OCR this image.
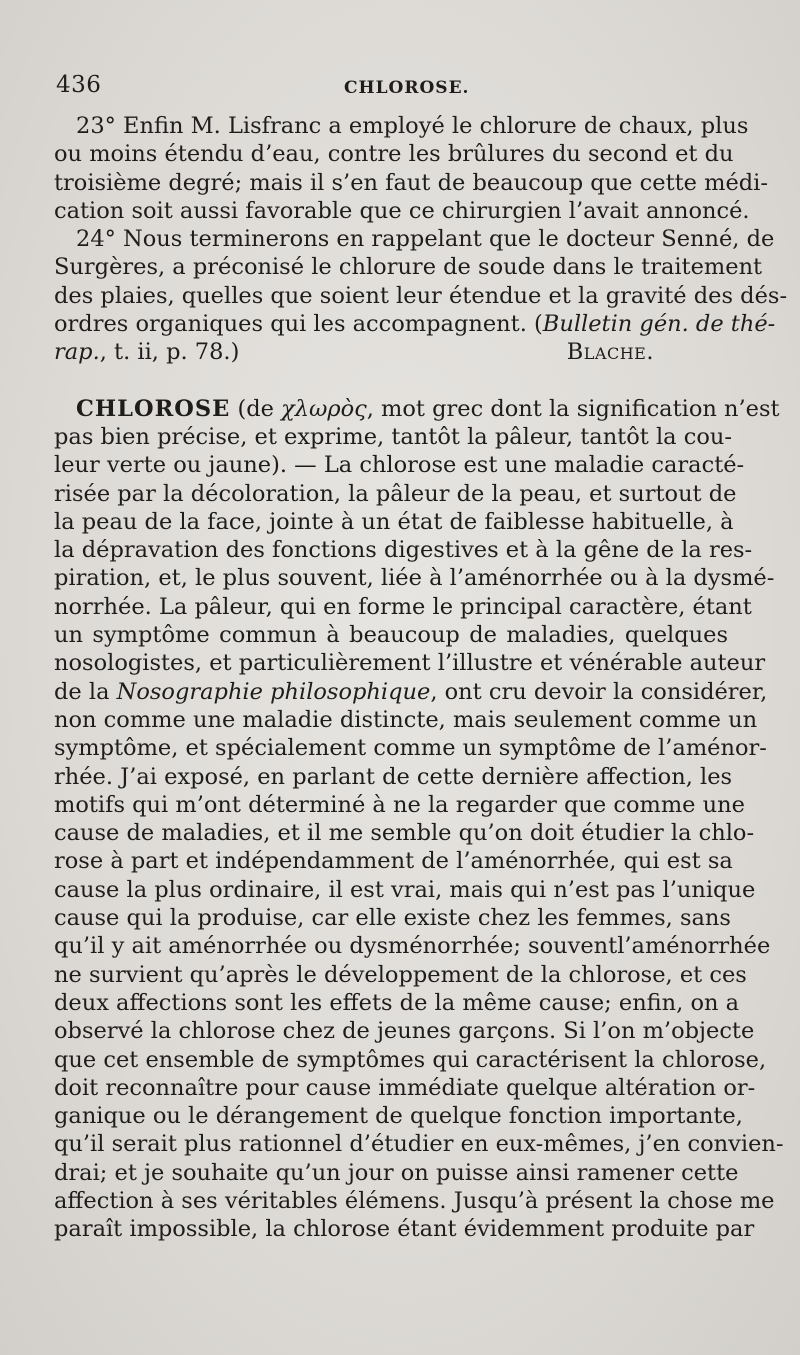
436	CHLOROSE.
23° Enfin M. Lisfranc a employé le chlorure de chaux, plus
ou moins étendu d’eau, contre les brûlures du second et du
troisième degré; mais il s’en faut de beaucoup que cette médi-
cation soit aussi favorable que ce chirurgien l’avait annoncé.
24° Nous terminerons en rappelant que le docteur Senné, de
Surgères, a préconisé le chlorure de soude dans le traitement
des plaies, quelles que soient leur étendue et la gravité des dés-
ordres organiques qui les accompagnent. (Bulletin gén. de thé-
rap., t. ii, p. 78.)	Blache.
CHLOROSE (de χλωρὸς, mot grec dont la signification n’est
pas bien précise, et exprime, tantôt la pâleur, tantôt la cou-
leur verte ou jaune). — La chlorose est une maladie caracté-
risée par la décoloration, la pâleur de la peau, et surtout de
la peau de la face, jointe à un état de faiblesse habituelle, à
la dépravation des fonctions digestives et à la gêne de la res-
piration, et, le plus souvent, liée à l’aménorrhée ou à la dysmé-
norrhée. La pâleur, qui en forme le principal caractère, étant
un symptôme commun à beaucoup de maladies, quelques
nosologistes, et particulièrement l’illustre et vénérable auteur
de la Nosographie philosophique, ont cru devoir la considérer,
non comme une maladie distincte, mais seulement comme un
symptôme, et spécialement comme un symptôme de l’aménor-
rhée. J’ai exposé, en parlant de cette dernière affection, les
motifs qui m’ont déterminé à ne la regarder que comme une
cause de maladies, et il me semble qu’on doit étudier la chlo-
rose à part et indépendamment de l’aménorrhée, qui est sa
cause la plus ordinaire, il est vrai, mais qui n’est pas l’unique
cause qui la produise, car elle existe chez les femmes, sans
qu’il y ait aménorrhée ou dysménorrhée; souventl’aménorrhée
ne survient qu’après le développement de la chlorose, et ces
deux affections sont les effets de la même cause; enfin, on a
observé la chlorose chez de jeunes garçons. Si l’on m’objecte
que cet ensemble de symptômes qui caractérisent la chlorose,
doit reconnaître pour cause immédiate quelque altération or-
ganique ou le dérangement de quelque fonction importante,
qu’il serait plus rationnel d’étudier en eux-mêmes, j’en convien-
drai; et je souhaite qu’un jour on puisse ainsi ramener cette
affection à ses véritables élémens. Jusqu’à présent la chose me
paraît impossible, la chlorose étant évidemment produite par
